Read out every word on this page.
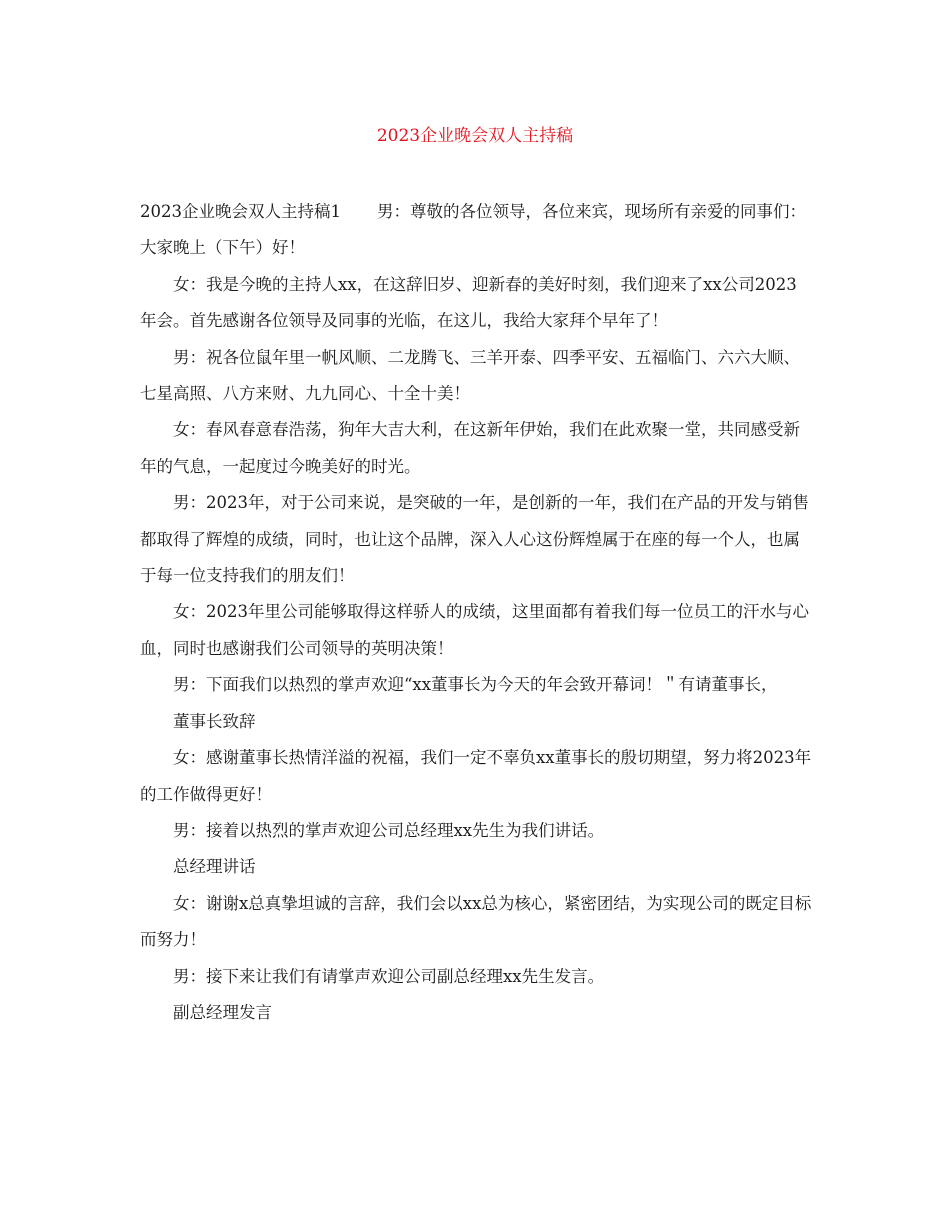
2023企业晚会双人主持稿

2023企业晚会双人主持稿1 男：尊敬的各位领导，各位来宾，现场所有亲爱的同事们：大家晚上（下午）好！

女：我是今晚的主持人xx，在这辞旧岁、迎新春的美好时刻，我们迎来了xx公司2023年会。首先感谢各位领导及同事的光临，在这儿，我给大家拜个早年了！

男：祝各位鼠年里一帆风顺、二龙腾飞、三羊开泰、四季平安、五福临门、六六大顺、七星高照、八方来财、九九同心、十全十美！

女：春风春意春浩荡，狗年大吉大利，在这新年伊始，我们在此欢聚一堂，共同感受新年的气息，一起度过今晚美好的时光。

男：2023年，对于公司来说，是突破的一年，是创新的一年，我们在产品的开发与销售都取得了辉煌的成绩，同时，也让这个品牌，深入人心这份辉煌属于在座的每一个人，也属于每一位支持我们的朋友们！

女：2023年里公司能够取得这样骄人的成绩，这里面都有着我们每一位员工的汗水与心血，同时也感谢我们公司领导的英明决策！

男：下面我们以热烈的掌声欢迎“xx董事长为今天的年会致开幕词！＂有请董事长，

董事长致辞

女：感谢董事长热情洋溢的祝福，我们一定不辜负xx董事长的殷切期望，努力将2023年的工作做得更好！

男：接着以热烈的掌声欢迎公司总经理xx先生为我们讲话。

总经理讲话

女：谢谢x总真挚坦诚的言辞，我们会以xx总为核心，紧密团结，为实现公司的既定目标而努力！

男：接下来让我们有请掌声欢迎公司副总经理xx先生发言。

副总经理发言
